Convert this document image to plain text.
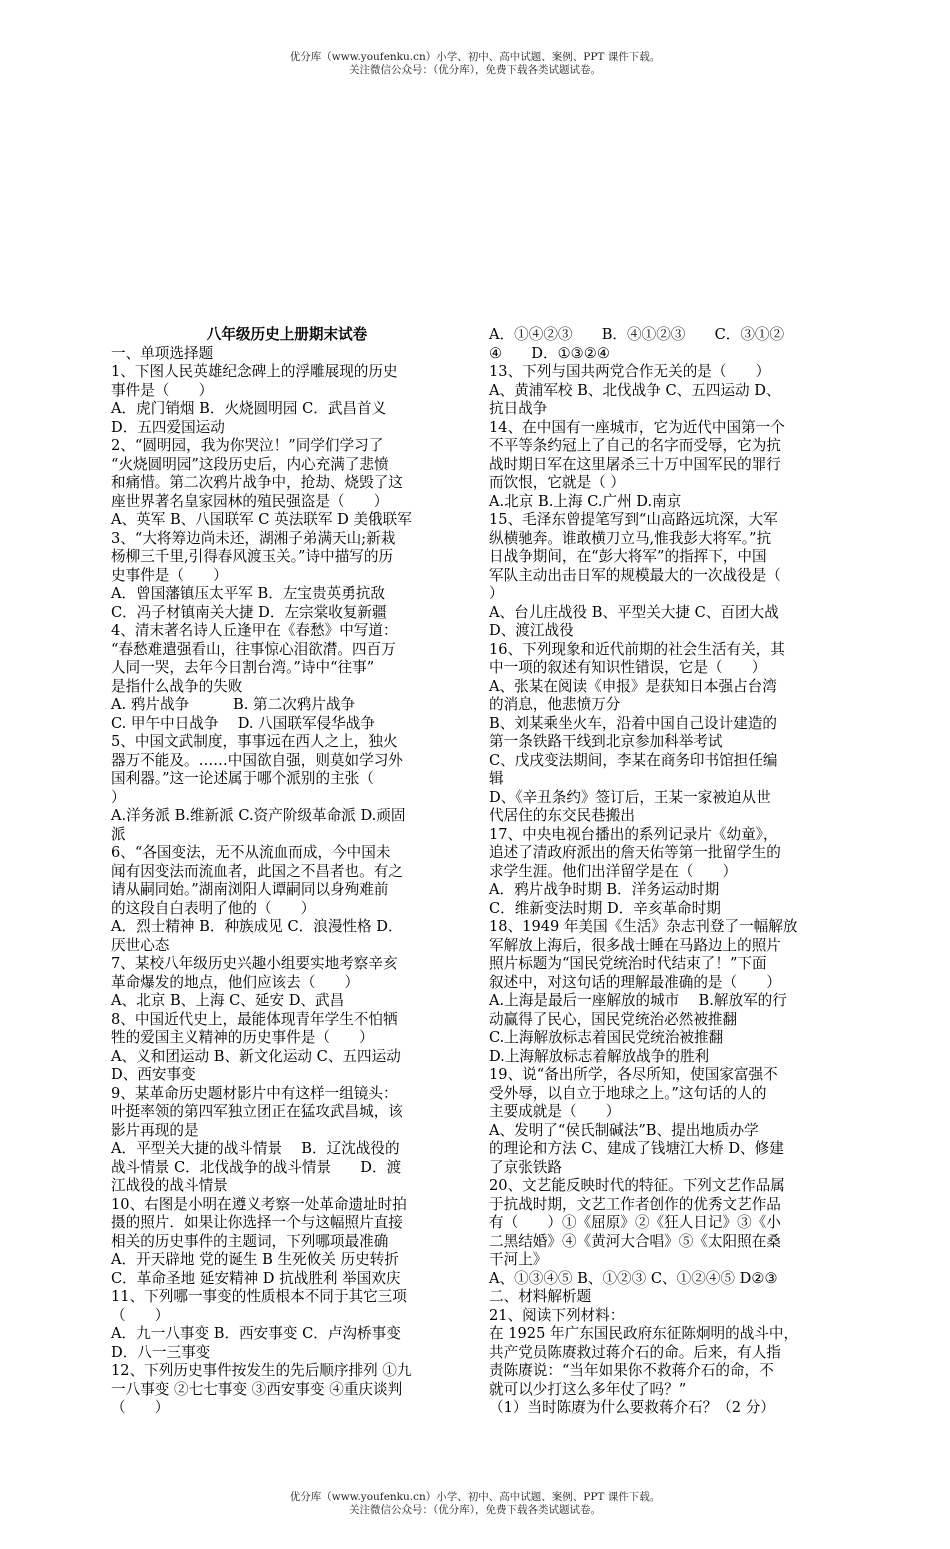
优分库（www.youfenku.cn）小学、初中、高中试题、案例、PPT 课件下载。
关注微信公众号：（优分库），免费下载各类试题试卷。
八年级历史上册期末试卷
一、单项选择题
1、下图人民英雄纪念碑上的浮雕展现的历史
事件是（　　）
A．虎门销烟 B．火烧圆明园 C．武昌首义
D．五四爱国运动
2、“圆明园，我为你哭泣！”同学们学习了
“火烧圆明园”这段历史后，内心充满了悲愤
和痛惜。第二次鸦片战争中，抢劫、烧毁了这
座世界著名皇家园林的殖民强盗是（　　）
A、英军 B、八国联军 C 英法联军 D 美俄联军
3、“大将筹边尚未还，湖湘子弟满天山;新栽
杨柳三千里,引得春风渡玉关。”诗中描写的历
史事件是（　　）
A．曾国藩镇压太平军 B．左宝贵英勇抗敌
C．冯子材镇南关大捷 D．左宗棠收复新疆
4、清末著名诗人丘逢甲在《春愁》中写道：
“春愁难遣强看山，往事惊心泪欲潸。四百万
人同一哭，去年今日割台湾。”诗中“往事”
是指什么战争的失败
A. 鸦片战争　　　B. 第二次鸦片战争
C. 甲午中日战争　 D. 八国联军侵华战争
5、中国文武制度，事事远在西人之上，独火
器万不能及。……中国欲自强，则莫如学习外
国利器。”这一论述属于哪个派别的主张（
）
A.洋务派 B.维新派 C.资产阶级革命派 D.顽固
派
6、“各国变法，无不从流血而成，今中国未
闻有因变法而流血者，此国之不昌者也。有之
请从嗣同始。”湖南浏阳人谭嗣同以身殉难前
的这段自白表明了他的（　　）
A．烈士精神 B．种族成见 C．浪漫性格 D．
厌世心态
7、某校八年级历史兴趣小组要实地考察辛亥
革命爆发的地点，他们应该去（　　）
A、北京 B、上海 C、延安 D、武昌
8、中国近代史上，最能体现青年学生不怕牺
牲的爱国主义精神的历史事件是（　　）
A、义和团运动 B、新文化运动 C、五四运动
D、西安事变
9、某革命历史题材影片中有这样一组镜头：
叶挺率领的第四军独立团正在猛攻武昌城，该
影片再现的是
A．平型关大捷的战斗情景　 B．辽沈战役的
战斗情景 C．北伐战争的战斗情景　　D．渡
江战役的战斗情景
10、右图是小明在遵义考察一处革命遗址时拍
摄的照片．如果让你选择一个与这幅照片直接
相关的历史事件的主题词，下列哪项最准确
A．开天辟地 党的诞生 B 生死攸关 历史转折
C．革命圣地 延安精神 D 抗战胜利 举国欢庆
11、下列哪一事变的性质根本不同于其它三项
（　　）
A．九一八事变 B．西安事变 C．卢沟桥事变
D．八一三事变
12、下列历史事件按发生的先后顺序排列 ①九
一八事变 ②七七事变 ③西安事变 ④重庆谈判
（　　）
A．①④②③　　B．④①②③　　C．③①②
④　　D．①③②④
13、下列与国共两党合作无关的是（　　）
A、黄浦军校 B、北伐战争 C、五四运动 D、
抗日战争
14、在中国有一座城市，它为近代中国第一个
不平等条约冠上了自己的名字而受辱，它为抗
战时期日军在这里屠杀三十万中国军民的罪行
而饮恨，它就是（ ）
A.北京 B.上海 C.广州 D.南京
15、毛泽东曾提笔写到“山高路远坑深，大军
纵横驰奔。谁敢横刀立马,惟我彭大将军。”抗
日战争期间，在“彭大将军”的指挥下，中国
军队主动出击日军的规模最大的一次战役是（
）
A、台儿庄战役 B、平型关大捷 C、百团大战
D、渡江战役
16、下列现象和近代前期的社会生活有关，其
中一项的叙述有知识性错误，它是（　　）
A、张某在阅读《申报》是获知日本强占台湾
的消息，他悲愤万分
B、刘某乘坐火车，沿着中国自己设计建造的
第一条铁路干线到北京参加科举考试
C、戊戌变法期间，李某在商务印书馆担任编
辑
D、《辛丑条约》签订后，王某一家被迫从世
代居住的东交民巷搬出
17、中央电视台播出的系列记录片《幼童》，
追述了清政府派出的詹天佑等第一批留学生的
求学生涯。他们出洋留学是在（　　）
A．鸦片战争时期 B．洋务运动时期
C．维新变法时期 D．辛亥革命时期
18、1949 年美国《生活》杂志刊登了一幅解放
军解放上海后，很多战士睡在马路边上的照片
照片标题为“国民党统治时代结束了！”下面
叙述中，对这句话的理解最准确的是（　　）
A.上海是最后一座解放的城市　 B.解放军的行
动赢得了民心，国民党统治必然被推翻
C.上海解放标志着国民党统治被推翻
D.上海解放标志着解放战争的胜利
19、说“备出所学，各尽所知，使国家富强不
受外辱，以自立于地球之上。”这句话的人的
主要成就是（　　）
A、发明了“侯氏制碱法”B、提出地质办学
的理论和方法 C、建成了钱塘江大桥 D、修建
了京张铁路
20、文艺能反映时代的特征。下列文艺作品属
于抗战时期，文艺工作者创作的优秀文艺作品
有（　　）①《屈原》②《狂人日记》③《小
二黑结婚》④《黄河大合唱》⑤《太阳照在桑
干河上》
A、①③④⑤ B、①②③ C、①②④⑤ D②③
二、材料解析题
21、阅读下列材料：
在 1925 年广东国民政府东征陈炯明的战斗中，
共产党员陈赓救过蒋介石的命。后来，有人指
责陈赓说：“当年如果你不救蒋介石的命，不
就可以少打这么多年仗了吗？”
（1）当时陈赓为什么要救蒋介石？（2 分）
优分库（www.youfenku.cn）小学、初中、高中试题、案例、PPT 课件下载。
关注微信公众号：（优分库），免费下载各类试题试卷。
